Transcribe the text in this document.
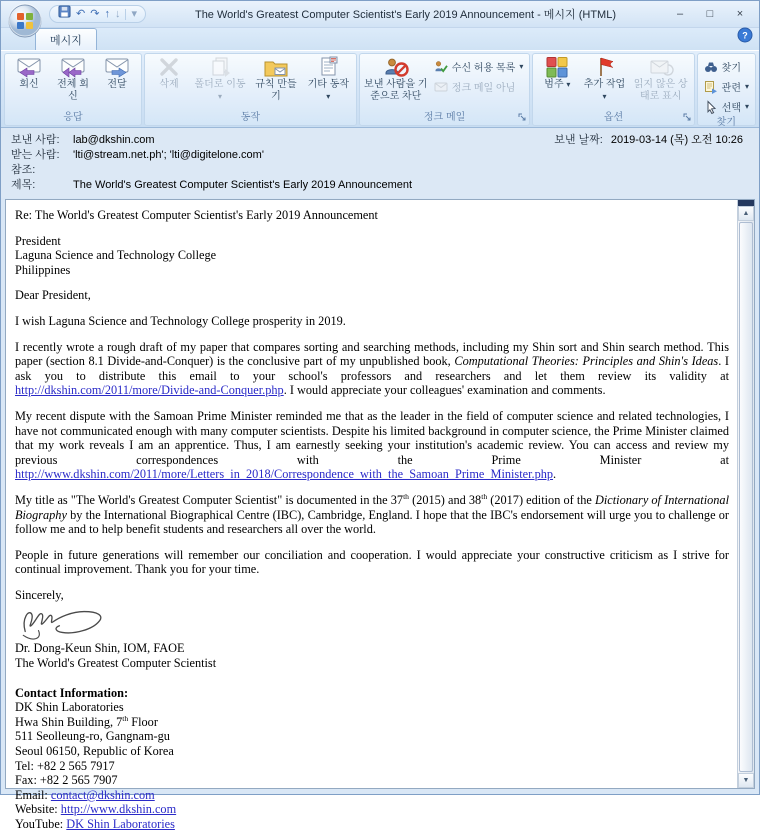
↶ ↷ ↑ ↓	▾	The World's Greatest Computer Scientist's Early 2019 Announcement - 메시지 (HTML)	–	□	×
메시지	?
회신	전체 회신
전달
응답
삭제 폴더로 이동 ▾
규칙 만들기
기타 동작 ▾
동작
보낸 사람을 기준으로 차단
수신 허용 목록 ▾
정크 메일 아님
정크 메일
범주 ▾ 추가 작업 ▾
읽지 않은 상태로 표시
옵션
찾기
관련 ▾
선택 ▾
찾기
보낸 사람:	lab@dkshin.com	보낸 날짜: 2019-03-14 (목) 오전 10:26
받는 사람:	'lti@stream.net.ph'; 'lti@digitelone.com'
참조:
제목:	The World's Greatest Computer Scientist's Early 2019 Announcement
Re: The World's Greatest Computer Scientist's Early 2019 Announcement
President
Laguna Science and Technology College
Philippines
Dear President,
I wish Laguna Science and Technology College prosperity in 2019.
I recently wrote a rough draft of my paper that compares sorting and searching methods, including my Shin sort and Shin search method. This paper (section 8.1 Divide-and-Conquer) is the conclusive part of my unpublished book, Computational Theories: Principles and Shin's Ideas. I ask you to distribute this email to your school's professors and researchers and let them review its validity at http://dkshin.com/2011/more/Divide-and-Conquer.php. I would appreciate your colleagues' examination and comments.
My recent dispute with the Samoan Prime Minister reminded me that as the leader in the field of computer science and related technologies, I have not communicated enough with many computer scientists. Despite his limited background in computer science, the Prime Minister claimed that my work reveals I am an apprentice. Thus, I am earnestly seeking your institution's academic review. You can access and review my previous correspondences with the Prime Minister at http://www.dkshin.com/2011/more/Letters_in_2018/Correspondence_with_the_Samoan_Prime_Minister.php.
My title as "The World's Greatest Computer Scientist" is documented in the 37th (2015) and 38th (2017) edition of the Dictionary of International Biography by the International Biographical Centre (IBC), Cambridge, England. I hope that the IBC's endorsement will urge you to challenge or follow me and to help benefit students and researchers all over the world.
People in future generations will remember our conciliation and cooperation. I would appreciate your constructive criticism as I strive for continual improvement. Thank you for your time.
Sincerely,
Dr. Dong-Keun Shin, IOM, FAOE
The World's Greatest Computer Scientist
Contact Information:
DK Shin Laboratories
Hwa Shin Building, 7th Floor
511 Seolleung-ro, Gangnam-gu
Seoul 06150, Republic of Korea
Tel: +82 2 565 7917
Fax: +82 2 565 7907
Email: contact@dkshin.com
Website: http://www.dkshin.com
YouTube: DK Shin Laboratories
▲
▼
